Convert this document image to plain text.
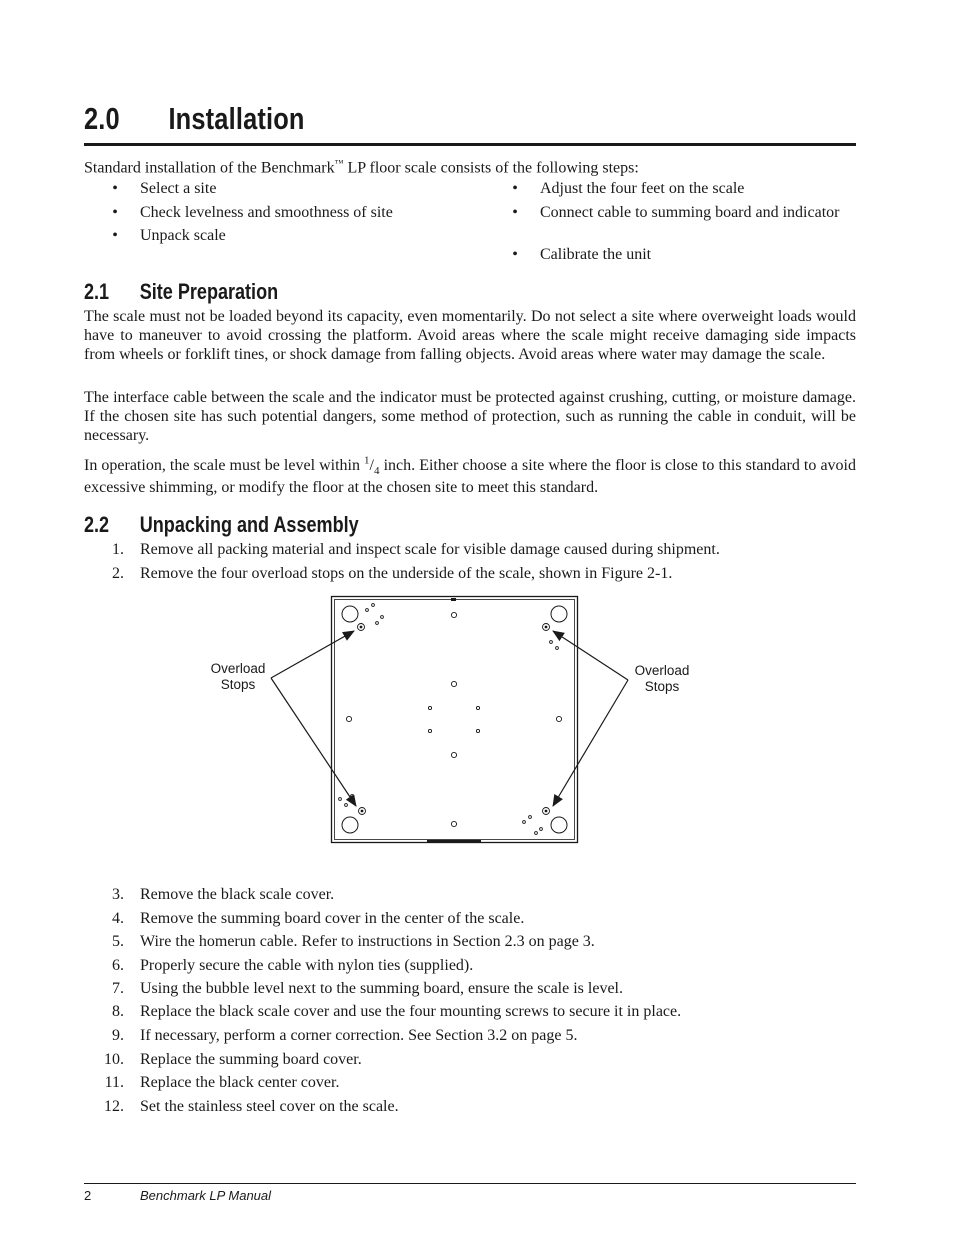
2.0 Installation

Standard installation of the Benchmark™ LP floor scale consists of the following steps:

• Select a site
• Check levelness and smoothness of site
• Unpack scale
• Adjust the four feet on the scale
• Connect cable to summing board and indicator
• Calibrate the unit
2.1 Site Preparation

The scale must not be loaded beyond its capacity, even momentarily. Do not select a site where overweight loads would have to maneuver to avoid crossing the platform. Avoid areas where the scale might receive damaging side impacts from wheels or forklift tines, or shock damage from falling objects. Avoid areas where water may damage the scale.

The interface cable between the scale and the indicator must be protected against crushing, cutting, or moisture damage. If the chosen site has such potential dangers, some method of protection, such as running the cable in conduit, will be necessary.

In operation, the scale must be level within $^1/_4$ inch. Either choose a site where the floor is close to this standard to avoid excessive shimming, or modify the floor at the chosen site to meet this standard.

2.2 Unpacking and Assembly
1. Remove all packing material and inspect scale for visible damage caused during shipment.
2. Remove the four overload stops on the underside of the scale, shown in Figure 2-1.
Overload
Stops
Overload
Stops
3. Remove the black scale cover.
4. Remove the summing board cover in the center of the scale.
5. Wire the homerun cable. Refer to instructions in Section 2.3 on page 3.
6. Properly secure the cable with nylon ties (supplied).
7. Using the bubble level next to the summing board, ensure the scale is level.
8. Replace the black scale cover and use the four mounting screws to secure it in place.
9. If necessary, perform a corner correction. See Section 3.2 on page 5.
10. Replace the summing board cover.
11. Replace the black center cover.
12. Set the stainless steel cover on the scale.
2	Benchmark LP Manual
